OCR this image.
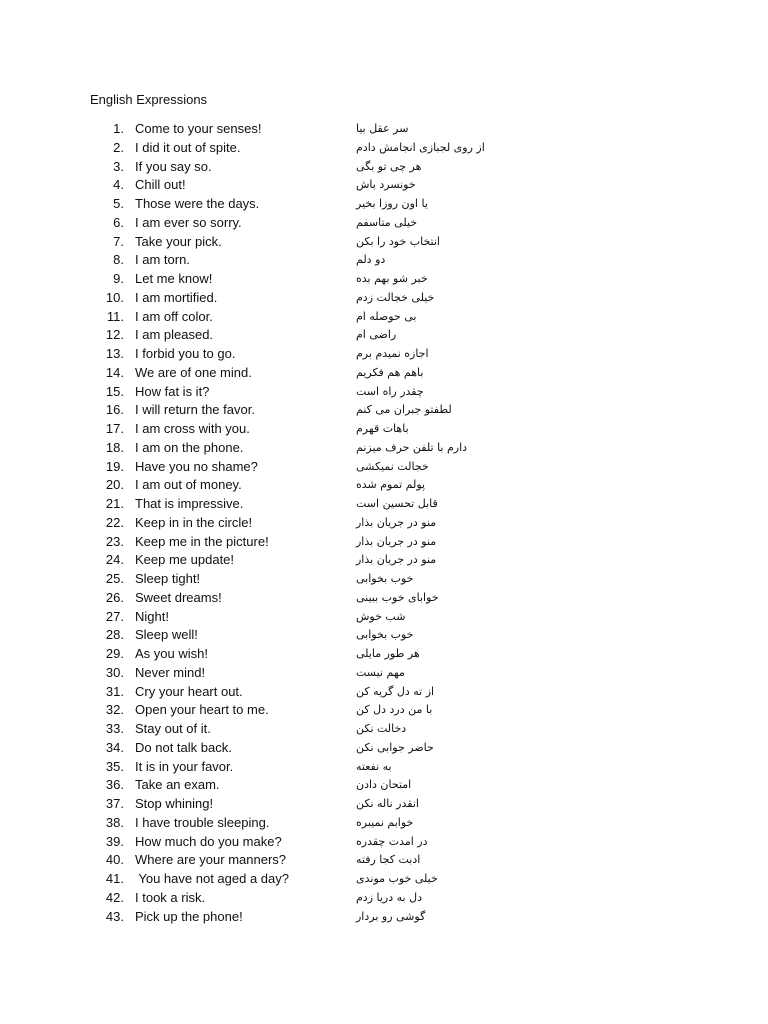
English Expressions
1. Come to your senses!	سر عقل بیا
2. I did it out of spite.	از روی لجبازی انجامش دادم
3. If you say so.	هر چی تو بگی
4. Chill out!	خونسرد باش
5. Those were the days.	یا اون روزا بخیر
6. I am ever so sorry.	خیلی متاسفم
7. Take your pick.	انتخاب خود را بکن
8. I am torn.	دو دلم
9. Let me know!	خبر شو بهم بده
10. I am mortified.	خیلی خجالت زدم
11. I am off color.	بی حوصله ام
12. I am pleased.	راضی ام
13. I forbid you to go.	اجازه نمیدم برم
14. We are of one mind.	باهم هم فکریم
15. How fat is it?	چقدر راه است
16. I will return the favor.	لطفتو جبران می کنم
17. I am cross with you.	باهات قهرم
18. I am on the phone.	دارم با تلفن حرف میزنم
19. Have you no shame?	خجالت نمیکشی
20. I am out of money.	پولم تموم شده
21. That is impressive.	قابل تحسین است
22. Keep in in the circle!	منو در جریان بذار
23. Keep me in the picture!	منو در جریان بذار
24. Keep me update!	منو در جریان بذار
25. Sleep tight!	خوب بخوابی
26. Sweet dreams!	خوابای خوب ببینی
27. Night!	شب خوش
28. Sleep well!	خوب بخوابی
29. As you wish!	هر طور مایلی
30. Never mind!	مهم نیست
31. Cry your heart out.	از ته دل گریه کن
32. Open your heart to me.	با من درد دل کن
33. Stay out of it.	دخالت نکن
34. Do not talk back.	حاضر جوابی نکن
35. It is in your favor.	به نفعته
36. Take an exam.	امتحان دادن
37. Stop whining!	انقدر ناله نکن
38. I have trouble sleeping.	خوابم نمیبره
39. How much do you make?	در امدت چقدره
40. Where are your manners?	ادبت کجا رفته
41. You have not aged a day?	خیلی خوب موندی
42. I took a risk.	دل به دریا زدم
43. Pick up the phone!	گوشی رو بردار
